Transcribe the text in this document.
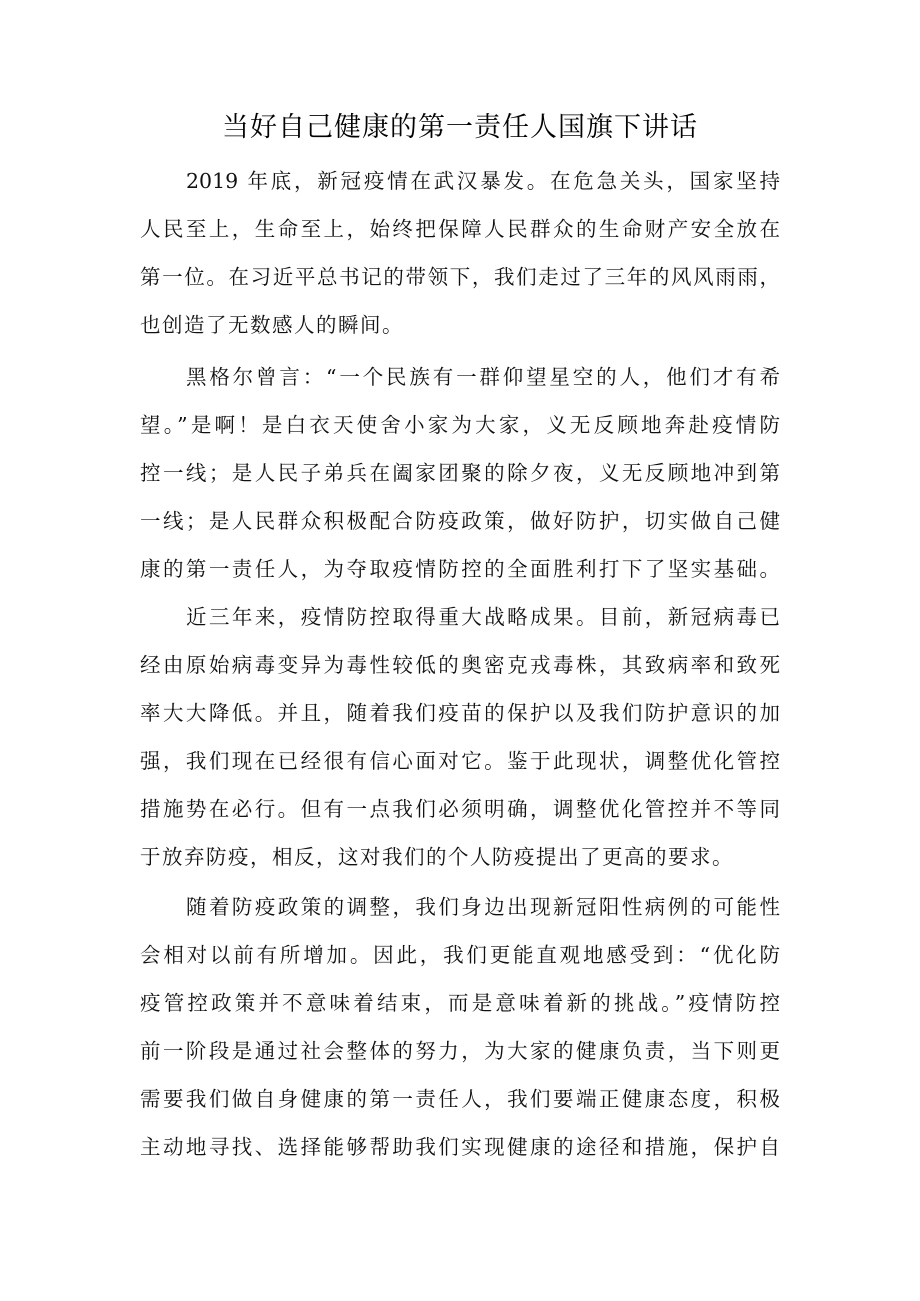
当好自己健康的第一责任人国旗下讲话
2019 年底，新冠疫情在武汉暴发。在危急关头，国家坚持
人民至上，生命至上，始终把保障人民群众的生命财产安全放在
第一位。在习近平总书记的带领下，我们走过了三年的风风雨雨，
也创造了无数感人的瞬间。
黑格尔曾言：“一个民族有一群仰望星空的人，他们才有希
望。”是啊！是白衣天使舍小家为大家，义无反顾地奔赴疫情防
控一线；是人民子弟兵在阖家团聚的除夕夜，义无反顾地冲到第
一线；是人民群众积极配合防疫政策，做好防护，切实做自己健
康的第一责任人，为夺取疫情防控的全面胜利打下了坚实基础。
近三年来，疫情防控取得重大战略成果。目前，新冠病毒已
经由原始病毒变异为毒性较低的奥密克戎毒株，其致病率和致死
率大大降低。并且，随着我们疫苗的保护以及我们防护意识的加
强，我们现在已经很有信心面对它。鉴于此现状，调整优化管控
措施势在必行。但有一点我们必须明确，调整优化管控并不等同
于放弃防疫，相反，这对我们的个人防疫提出了更高的要求。
随着防疫政策的调整，我们身边出现新冠阳性病例的可能性
会相对以前有所增加。因此，我们更能直观地感受到：“优化防
疫管控政策并不意味着结束，而是意味着新的挑战。”疫情防控
前一阶段是通过社会整体的努力，为大家的健康负责，当下则更
需要我们做自身健康的第一责任人，我们要端正健康态度，积极
主动地寻找、选择能够帮助我们实现健康的途径和措施，保护自
